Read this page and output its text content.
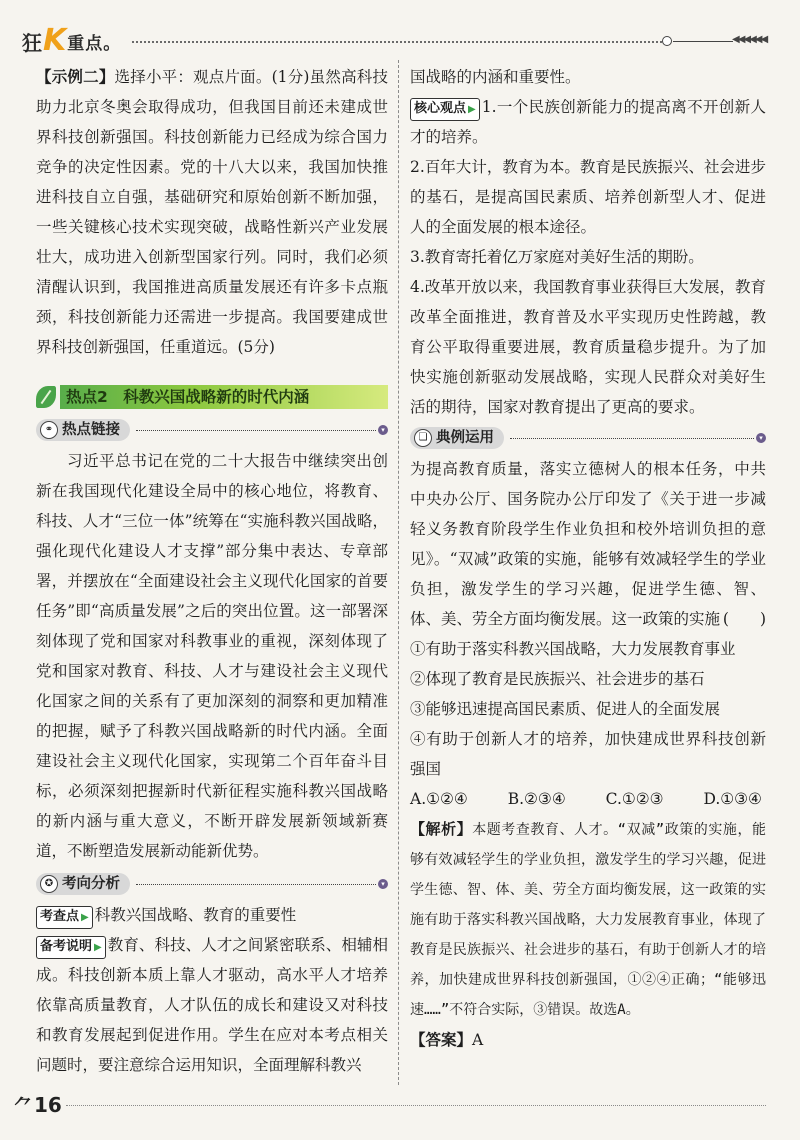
狂 K 重点。	◀◀◀◀◀◀

【示例二】选择小平：观点片面。(1分)虽然高科技助力北京冬奥会取得成功，但我国目前还未建成世界科技创新强国。科技创新能力已经成为综合国力竞争的决定性因素。党的十八大以来，我国加快推进科技自立自强，基础研究和原始创新不断加强，一些关键核心技术实现突破，战略性新兴产业发展壮大，成功进入创新型国家行列。同时，我们必须清醒认识到，我国推进高质量发展还有许多卡点瓶颈，科技创新能力还需进一步提高。我国要建成世界科技创新强国，任重道远。(5分)

热点2　科教兴国战略新的时代内涵
⚭ 热点链接	▾

习近平总书记在党的二十大报告中继续突出创新在我国现代化建设全局中的核心地位，将教育、科技、人才“三位一体”统筹在“实施科教兴国战略，强化现代化建设人才支撑”部分集中表达、专章部署，并摆放在“全面建设社会主义现代化国家的首要任务”即“高质量发展”之后的突出位置。这一部署深刻体现了党和国家对科教事业的重视，深刻体现了党和国家对教育、科技、人才与建设社会主义现代化国家之间的关系有了更加深刻的洞察和更加精准的把握，赋予了科教兴国战略新的时代内涵。全面建设社会主义现代化国家，实现第二个百年奋斗目标，必须深刻把握新时代新征程实施科教兴国战略的新内涵与重大意义，不断开辟发展新领域新赛道，不断塑造发展新动能新优势。

✪ 考向分析	▾

考查点 ▶ 科教兴国战略、教育的重要性

备考说明 ▶ 教育、科技、人才之间紧密联系、相辅相成。科技创新本质上靠人才驱动，高水平人才培养依靠高质量教育，人才队伍的成长和建设又对科技和教育发展起到促进作用。学生在应对本考点相关问题时，要注意综合运用知识，全面理解科教兴

国战略的内涵和重要性。

核心观点 ▶ 1.一个民族创新能力的提高离不开创新人才的培养。

2.百年大计，教育为本。教育是民族振兴、社会进步的基石，是提高国民素质、培养创新型人才、促进人的全面发展的根本途径。

3.教育寄托着亿万家庭对美好生活的期盼。

4.改革开放以来，我国教育事业获得巨大发展，教育改革全面推进，教育普及水平实现历史性跨越，教育公平取得重要进展，教育质量稳步提升。为了加快实施创新驱动发展战略，实现人民群众对美好生活的期待，国家对教育提出了更高的要求。

❏ 典例运用	▾

为提高教育质量，落实立德树人的根本任务，中共中央办公厅、国务院办公厅印发了《关于进一步减轻义务教育阶段学生作业负担和校外培训负担的意见》。“双减”政策的实施，能够有效减轻学生的学业负担，激发学生的学习兴趣，促进学生德、智、体、美、劳全方面均衡发展。这一政策的实施 (　　)

①有助于落实科教兴国战略，大力发展教育事业

②体现了教育是民族振兴、社会进步的基石

③能够迅速提高国民素质、促进人的全面发展

④有助于创新人才的培养，加快建成世界科技创新强国

A.①②④	B.②③④	C.①②③	D.①③④

【解析】本题考查教育、人才。“双减”政策的实施，能够有效减轻学生的学业负担，激发学生的学习兴趣，促进学生德、智、体、美、劳全方面均衡发展，这一政策的实施有助于落实科教兴国战略，大力发展教育事业，体现了教育是民族振兴、社会进步的基石，有助于创新人才的培养，加快建成世界科技创新强国，①②④正确；“能够迅速……”不符合实际，③错误。故选A。

【答案】A

⺈ 16
